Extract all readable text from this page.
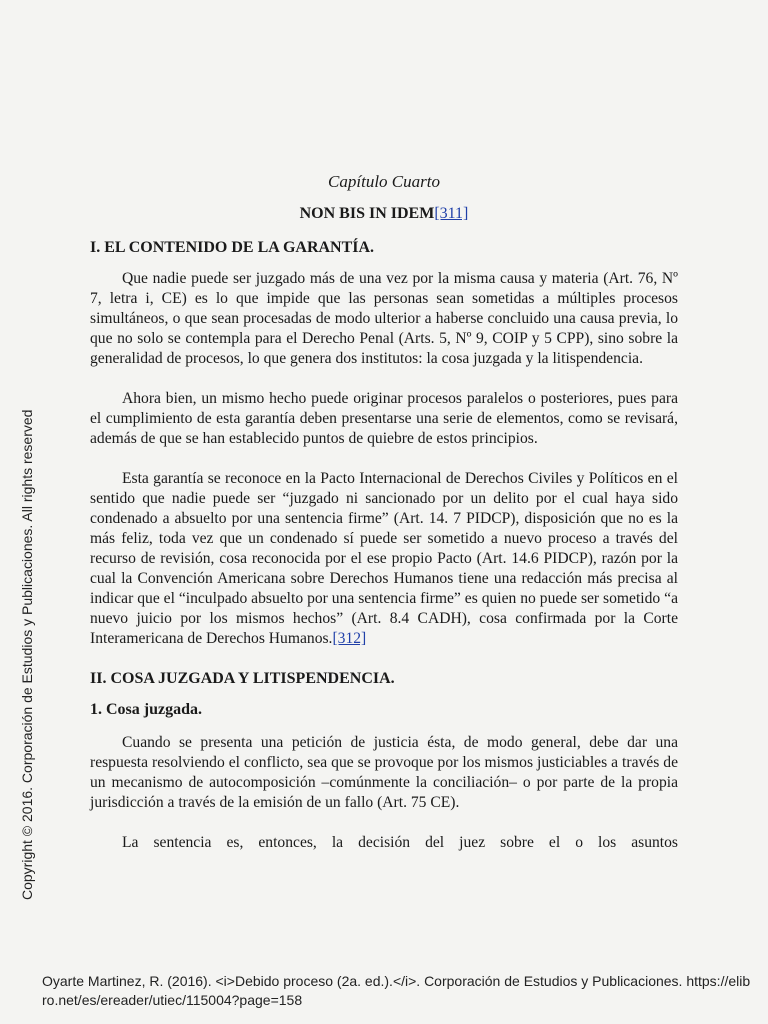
Copyright © 2016. Corporación de Estudios y Publicaciones. All rights reserved
Capítulo Cuarto
NON BIS IN IDEM[311]
I. EL CONTENIDO DE LA GARANTÍA.

Que nadie puede ser juzgado más de una vez por la misma causa y materia (Art. 76, Nº 7, letra i, CE) es lo que impide que las personas sean sometidas a múltiples procesos simultáneos, o que sean procesadas de modo ulterior a haberse concluido una causa previa, lo que no solo se contempla para el Derecho Penal (Arts. 5, Nº 9, COIP y 5 CPP), sino sobre la generalidad de procesos, lo que genera dos institutos: la cosa juzgada y la litispendencia.

Ahora bien, un mismo hecho puede originar procesos paralelos o posteriores, pues para el cumplimiento de esta garantía deben presentarse una serie de elementos, como se revisará, además de que se han establecido puntos de quiebre de estos principios.

Esta garantía se reconoce en la Pacto Internacional de Derechos Civiles y Políticos en el sentido que nadie puede ser “juzgado ni sancionado por un delito por el cual haya sido condenado a absuelto por una sentencia firme” (Art. 14. 7 PIDCP), disposición que no es la más feliz, toda vez que un condenado sí puede ser sometido a nuevo proceso a través del recurso de revisión, cosa reconocida por el ese propio Pacto (Art. 14.6 PIDCP), razón por la cual la Convención Americana sobre Derechos Humanos tiene una redacción más precisa al indicar que el “inculpado absuelto por una sentencia firme” es quien no puede ser sometido “a nuevo juicio por los mismos hechos” (Art. 8.4 CADH), cosa confirmada por la Corte Interamericana de Derechos Humanos.[312]

II. COSA JUZGADA Y LITISPENDENCIA.
1. Cosa juzgada.

Cuando se presenta una petición de justicia ésta, de modo general, debe dar una respuesta resolviendo el conflicto, sea que se provoque por los mismos justiciables a través de un mecanismo de autocomposición –comúnmente la conciliación– o por parte de la propia jurisdicción a través de la emisión de un fallo (Art. 75 CE).

La sentencia es, entonces, la decisión del juez sobre el o los asuntos

Oyarte Martinez, R. (2016). <i>Debido proceso (2a. ed.).</i>. Corporación de Estudios y Publicaciones. https://elibro.net/es/ereader/utiec/115004?page=158
